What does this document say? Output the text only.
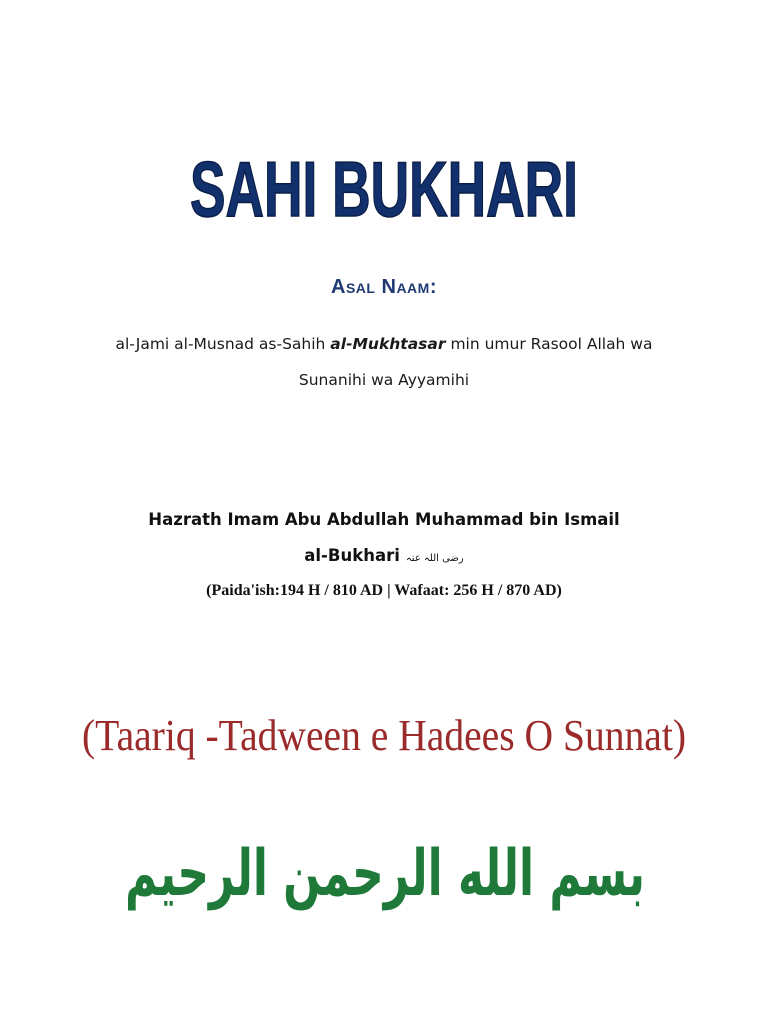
SAHI BUKHARI
Asal Naam:
al-Jami al-Musnad as-Sahih al-Mukhtasar min umur Rasool Allah wa Sunanihi wa Ayyamihi
Hazrath Imam Abu Abdullah Muhammad bin Ismail
al-Bukhari رضی اللہ عنہ
(Paida'ish:194 H / 810 AD | Wafaat: 256 H / 870 AD)
(Taariq -Tadween e Hadees O Sunnat)
بسم الله الرحمن الرحيم
